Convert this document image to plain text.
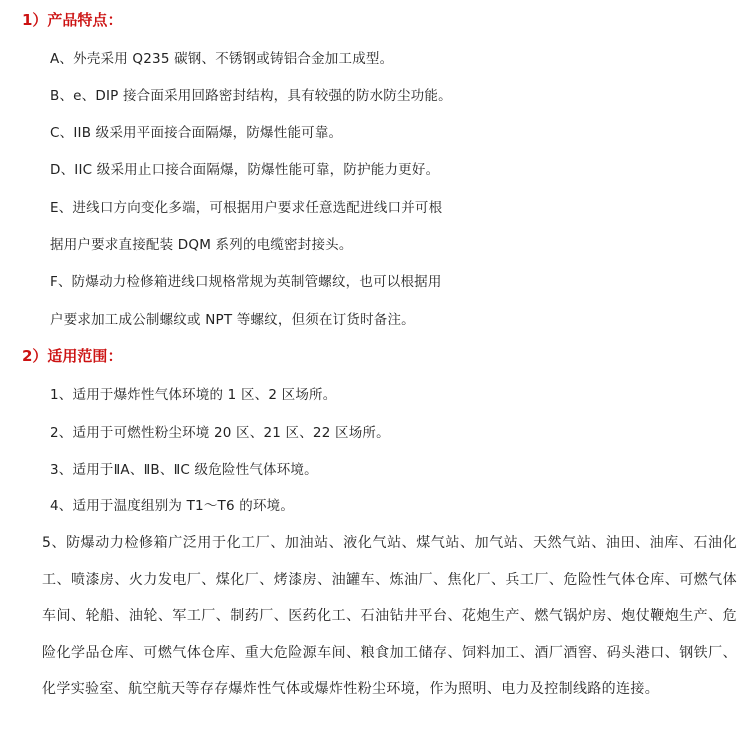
1）产品特点：

A、外壳采用 Q235 碳钢、不锈钢或铸铝合金加工成型。

B、e、DIP 接合面采用回路密封结构，具有较强的防水防尘功能。

C、IIB 级采用平面接合面隔爆，防爆性能可靠。

D、IIC 级采用止口接合面隔爆，防爆性能可靠，防护能力更好。

E、进线口方向变化多端，可根据用户要求任意选配进线口并可根

据用户要求直接配装 DQM 系列的电缆密封接头。

F、防爆动力检修箱进线口规格常规为英制管螺纹，也可以根据用

户要求加工成公制螺纹或 NPT 等螺纹，但须在订货时备注。

2）适用范围：

1、适用于爆炸性气体环境的 1 区、2 区场所。

2、适用于可燃性粉尘环境 20 区、21 区、22 区场所。

3、适用于ⅡA、ⅡB、ⅡC 级危险性气体环境。

4、适用于温度组别为 T1～T6 的环境。

5、防爆动力检修箱广泛用于化工厂、加油站、液化气站、煤气站、加气站、天然气站、油田、油库、石油化工、喷漆房、火力发电厂、煤化厂、烤漆房、油罐车、炼油厂、焦化厂、兵工厂、危险性气体仓库、可燃气体车间、轮船、油轮、军工厂、制药厂、医药化工、石油钻井平台、花炮生产、燃气锅炉房、炮仗鞭炮生产、危险化学品仓库、可燃气体仓库、重大危险源车间、粮食加工储存、饲料加工、酒厂酒窖、码头港口、钢铁厂、化学实验室、航空航天等存存爆炸性气体或爆炸性粉尘环境，作为照明、电力及控制线路的连接。
